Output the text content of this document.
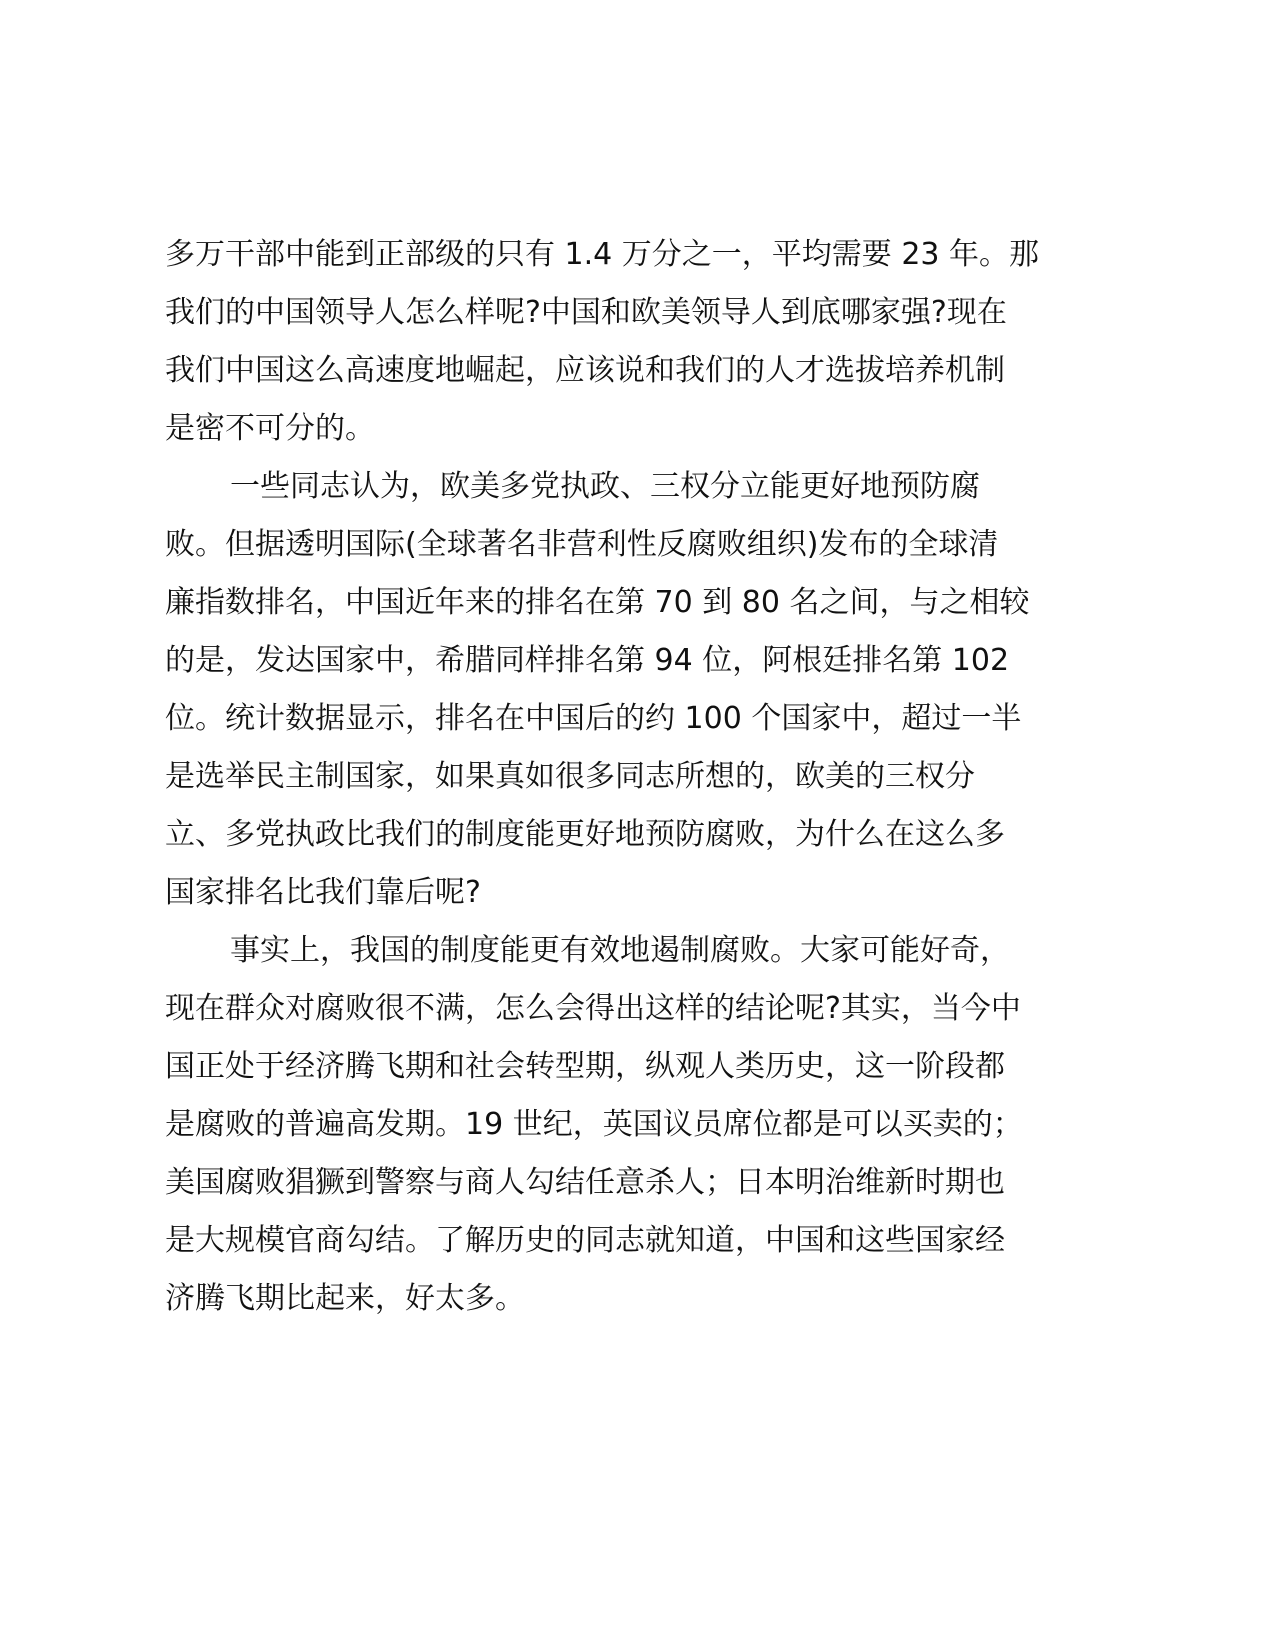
多万干部中能到正部级的只有 1.4 万分之一，平均需要 23 年。那
我们的中国领导人怎么样呢?中国和欧美领导人到底哪家强?现在
我们中国这么高速度地崛起，应该说和我们的人才选拔培养机制
是密不可分的。
一些同志认为，欧美多党执政、三权分立能更好地预防腐
败。但据透明国际(全球著名非营利性反腐败组织)发布的全球清
廉指数排名，中国近年来的排名在第 70 到 80 名之间，与之相较
的是，发达国家中，希腊同样排名第 94 位，阿根廷排名第 102
位。统计数据显示，排名在中国后的约 100 个国家中，超过一半
是选举民主制国家，如果真如很多同志所想的，欧美的三权分
立、多党执政比我们的制度能更好地预防腐败，为什么在这么多
国家排名比我们靠后呢?
事实上，我国的制度能更有效地遏制腐败。大家可能好奇，
现在群众对腐败很不满，怎么会得出这样的结论呢?其实，当今中
国正处于经济腾飞期和社会转型期，纵观人类历史，这一阶段都
是腐败的普遍高发期。19 世纪，英国议员席位都是可以买卖的；
美国腐败猖獗到警察与商人勾结任意杀人；日本明治维新时期也
是大规模官商勾结。了解历史的同志就知道，中国和这些国家经
济腾飞期比起来，好太多。
